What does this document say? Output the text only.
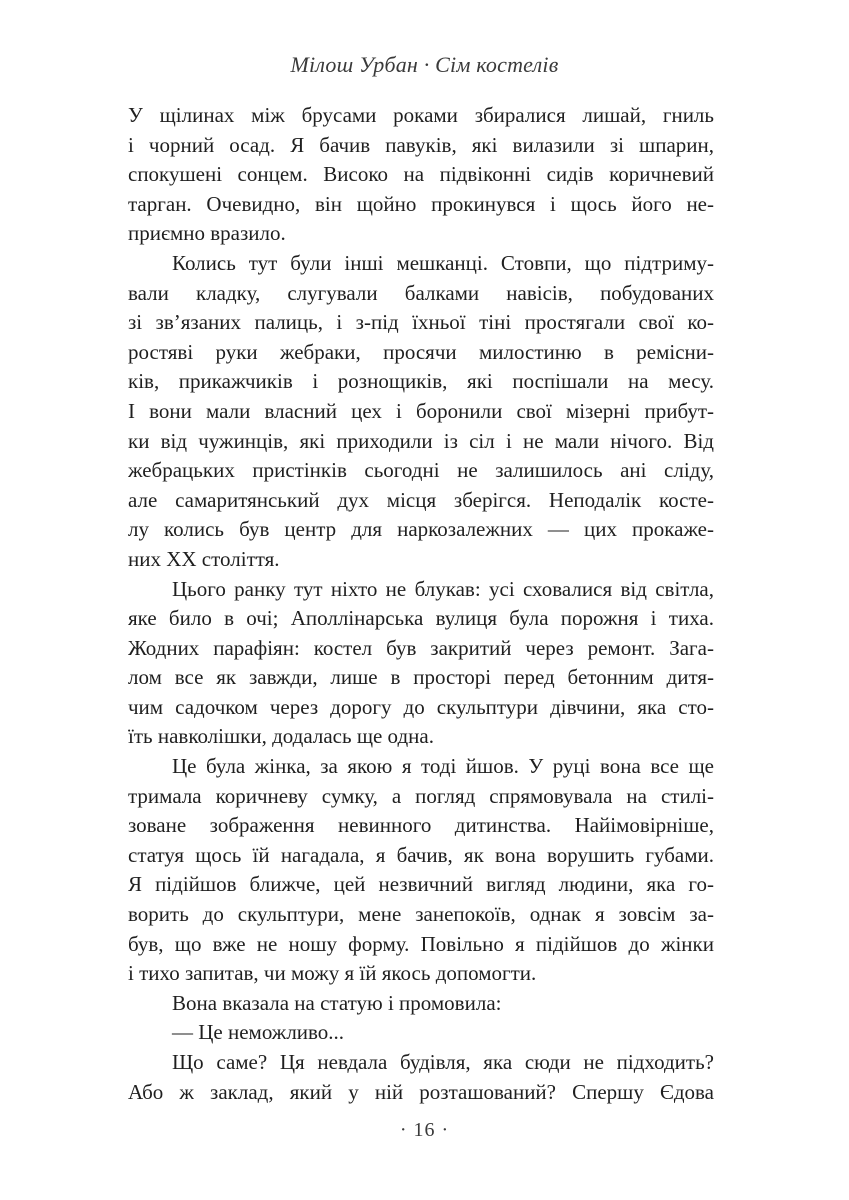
Мілош Урбан · Сім костелів
У щілинах між брусами роками збиралися лишай, гниль
і чорний осад. Я бачив павуків, які вилазили зі шпарин,
спокушені сонцем. Високо на підвіконні сидів коричневий
тарган. Очевидно, він щойно прокинувся і щось його не-
приємно вразило.
Колись тут були інші мешканці. Стовпи, що підтриму-
вали кладку, слугували балками навісів, побудованих
зі зв’язаних палиць, і з-під їхньої тіні простягали свої ко-
ростяві руки жебраки, просячи милостиню в ремісни-
ків, прикажчиків і рознощиків, які поспішали на месу.
І вони мали власний цех і боронили свої мізерні прибут-
ки від чужинців, які приходили із сіл і не мали нічого. Від
жебрацьких пристінків сьогодні не залишилось ані сліду,
але самаритянський дух місця зберігся. Неподалік косте-
лу колись був центр для наркозалежних — цих прокаже-
них ХХ століття.
Цього ранку тут ніхто не блукав: усі сховалися від світла,
яке било в очі; Аполлінарська вулиця була порожня і тиха.
Жодних парафіян: костел був закритий через ремонт. Зага-
лом все як завжди, лише в просторі перед бетонним дитя-
чим садочком через дорогу до скульптури дівчини, яка сто-
їть навколішки, додалась ще одна.
Це була жінка, за якою я тоді йшов. У руці вона все ще
тримала коричневу сумку, а погляд спрямовувала на стилі-
зоване зображення невинного дитинства. Найімовірніше,
статуя щось їй нагадала, я бачив, як вона ворушить губами.
Я підійшов ближче, цей незвичний вигляд людини, яка го-
ворить до скульптури, мене занепокоїв, однак я зовсім за-
був, що вже не ношу форму. Повільно я підійшов до жінки
і тихо запитав, чи можу я їй якось допомогти.
Вона вказала на статую і промовила:
— Це неможливо...
Що саме? Ця невдала будівля, яка сюди не підходить?
Або ж заклад, який у ній розташований? Спершу Єдова
· 16 ·
